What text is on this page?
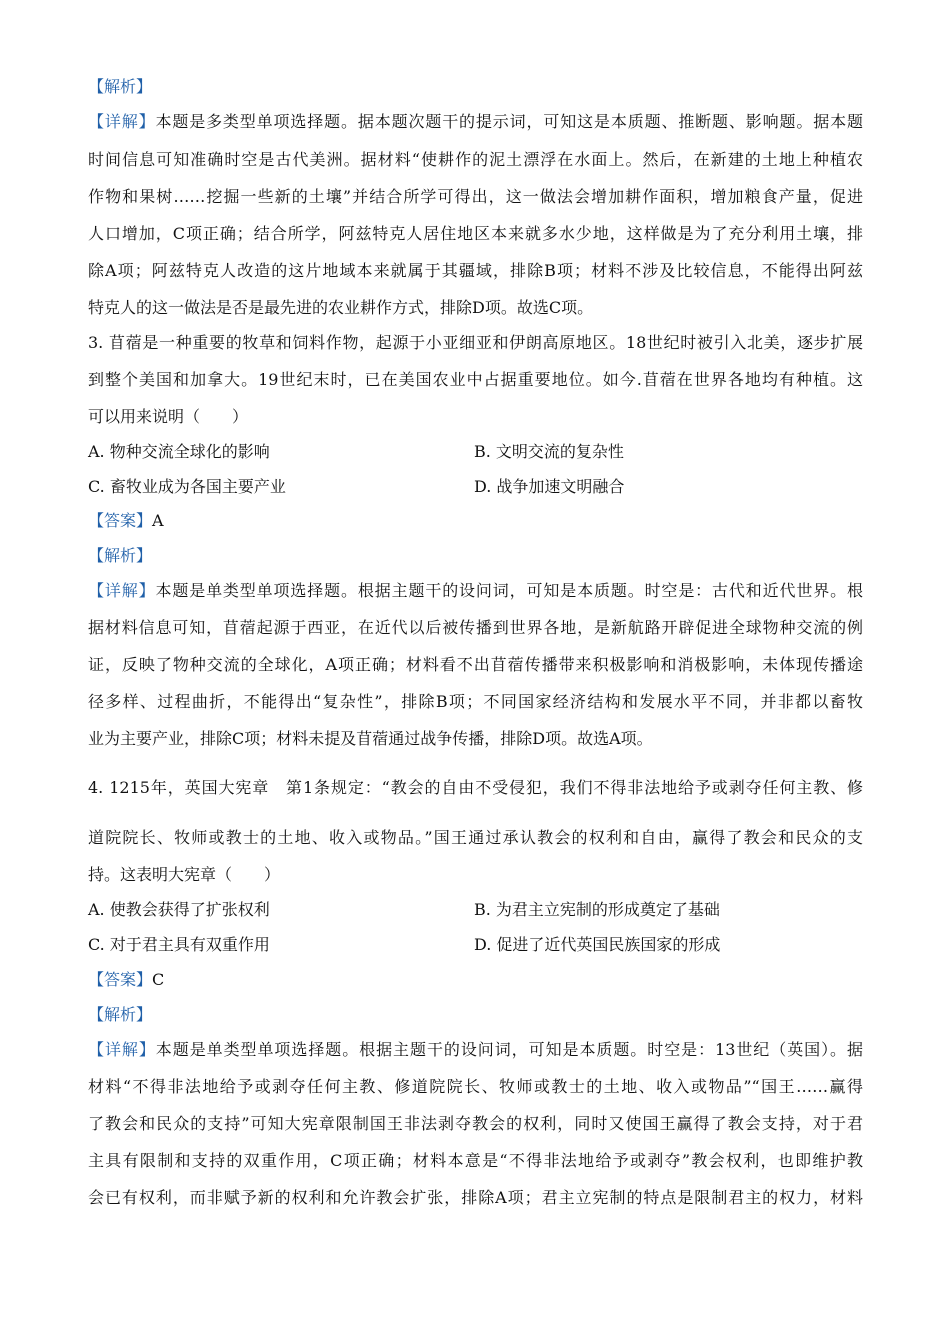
【解析】
【详解】本题是多类型单项选择题。据本题次题干的提示词，可知这是本质题、推断题、影响题。据本题
时间信息可知准确时空是古代美洲。据材料“使耕作的泥土漂浮在水面上。然后，在新建的土地上种植农
作物和果树……挖掘一些新的土壤”并结合所学可得出，这一做法会增加耕作面积，增加粮食产量，促进
人口增加，C项正确；结合所学，阿兹特克人居住地区本来就多水少地，这样做是为了充分利用土壤，排
除A项；阿兹特克人改造的这片地域本来就属于其疆域，排除B项；材料不涉及比较信息，不能得出阿兹
特克人的这一做法是否是最先进的农业耕作方式，排除D项。故选C项。
3. 苜蓿是一种重要的牧草和饲料作物，起源于小亚细亚和伊朗高原地区。18世纪时被引入北美，逐步扩展
到整个美国和加拿大。19世纪末时，已在美国农业中占据重要地位。如今.苜蓿在世界各地均有种植。这
可以用来说明（　　）
A. 物种交流全球化的影响	B. 文明交流的复杂性
C. 畜牧业成为各国主要产业	D. 战争加速文明融合
【答案】A
【解析】
【详解】本题是单类型单项选择题。根据主题干的设问词，可知是本质题。时空是：古代和近代世界。根
据材料信息可知，苜蓿起源于西亚，在近代以后被传播到世界各地，是新航路开辟促进全球物种交流的例
证，反映了物种交流的全球化，A项正确；材料看不出苜蓿传播带来积极影响和消极影响，未体现传播途
径多样、过程曲折，不能得出“复杂性”，排除B项；不同国家经济结构和发展水平不同，并非都以畜牧
业为主要产业，排除C项；材料未提及苜蓿通过战争传播，排除D项。故选A项。
4. 1215年，英国大宪章　第1条规定：“教会的自由不受侵犯，我们不得非法地给予或剥夺任何主教、修
道院院长、牧师或教士的土地、收入或物品。”国王通过承认教会的权利和自由，赢得了教会和民众的支
持。这表明大宪章（　　）
A. 使教会获得了扩张权利	B. 为君主立宪制的形成奠定了基础
C. 对于君主具有双重作用	D. 促进了近代英国民族国家的形成
【答案】C
【解析】
【详解】本题是单类型单项选择题。根据主题干的设问词，可知是本质题。时空是：13世纪（英国）。据
材料“不得非法地给予或剥夺任何主教、修道院院长、牧师或教士的土地、收入或物品”“国王……赢得
了教会和民众的支持”可知大宪章限制国王非法剥夺教会的权利，同时又使国王赢得了教会支持，对于君
主具有限制和支持的双重作用，C项正确；材料本意是“不得非法地给予或剥夺”教会权利，也即维护教
会已有权利，而非赋予新的权利和允许教会扩张，排除A项；君主立宪制的特点是限制君主的权力，材料
